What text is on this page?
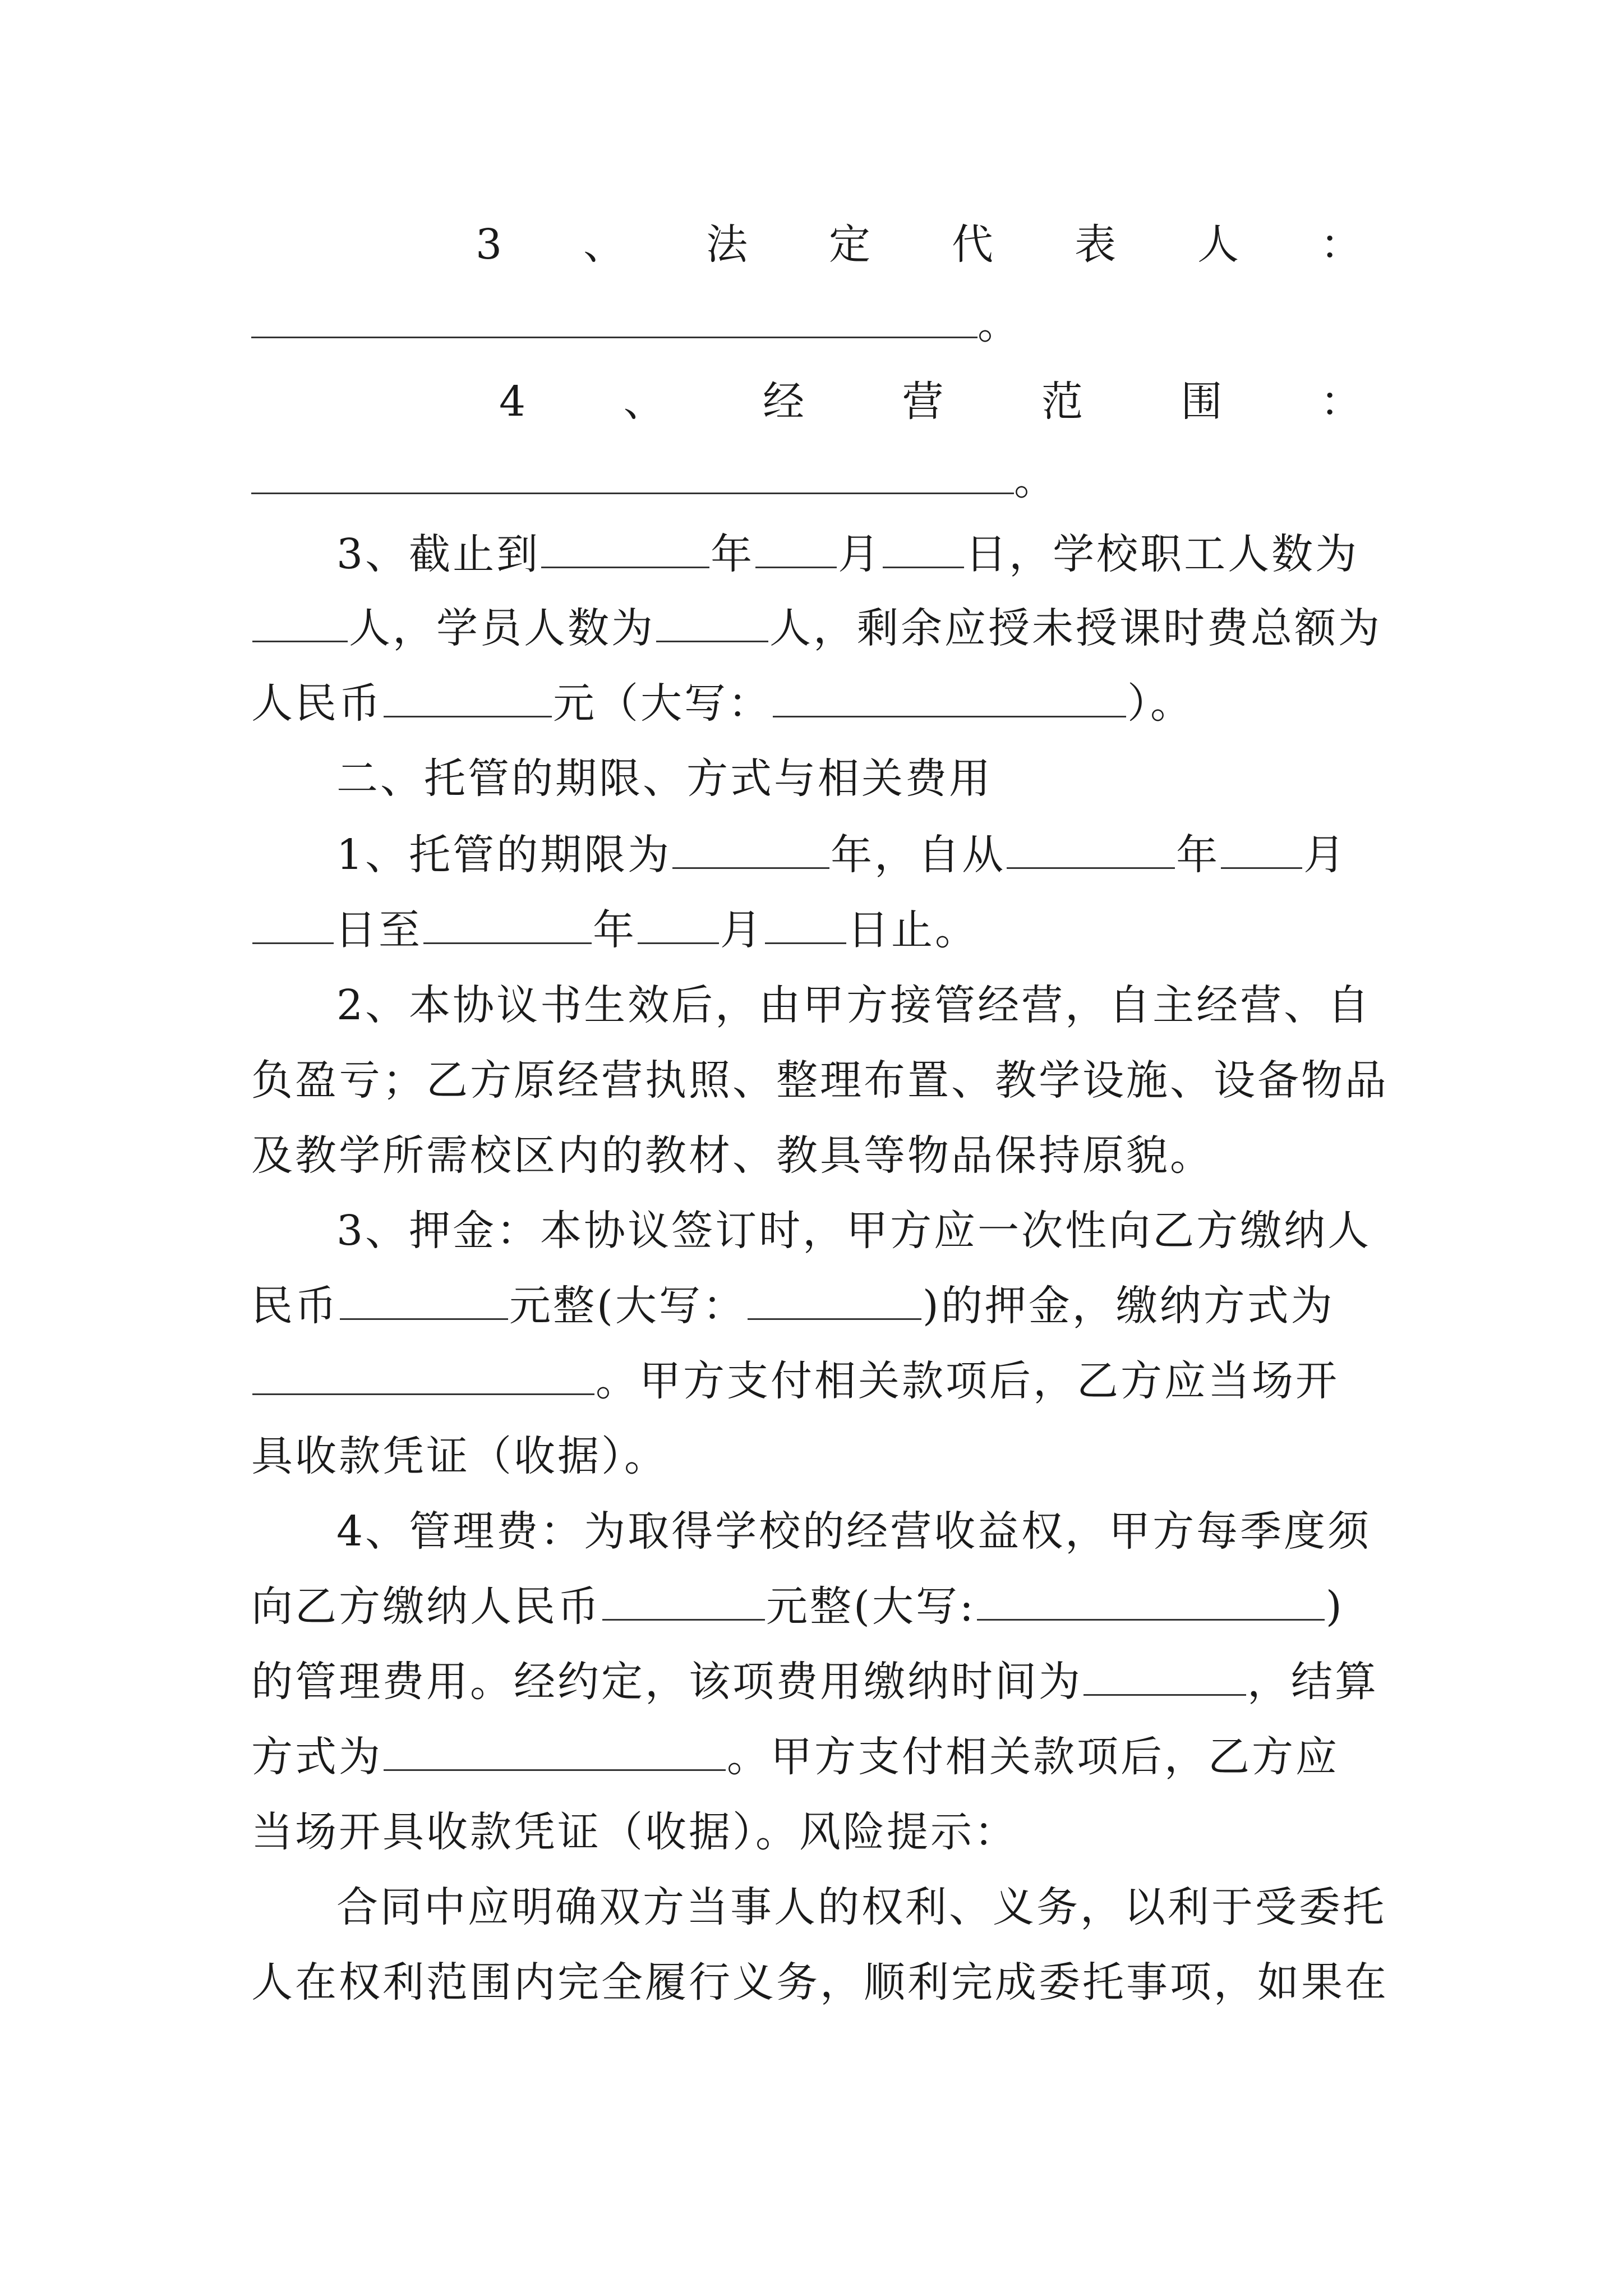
3 、 法 定 代 表 人 ：
。
4 、 经 营 范 围 ：
。
3、截止到	年 月 日，学校职工人数为
人，学员人数为	人，剩余应授未授课时费总额为
人民币	元（大写：	）。
二、托管的期限、方式与相关费用
1、托管的期限为	年，自从	年 月
日至	年 月 日止。
2、本协议书生效后，由甲方接管经营，自主经营、自
负盈亏；乙方原经营执照、整理布置、教学设施、设备物品
及教学所需校区内的教材、教具等物品保持原貌。
3、押金：本协议签订时，甲方应一次性向乙方缴纳人
民币	元整(大写：	)的押金，缴纳方式为
。甲方支付相关款项后，乙方应当场开
具收款凭证（收据）。
4、管理费：为取得学校的经营收益权，甲方每季度须
向乙方缴纳人民币	元整(大写:	)
的管理费用。经约定，该项费用缴纳时间为	，结算
方式为	。甲方支付相关款项后，乙方应
当场开具收款凭证（收据）。风险提示：
合同中应明确双方当事人的权利、义务，以利于受委托
人在权利范围内完全履行义务，顺利完成委托事项，如果在
